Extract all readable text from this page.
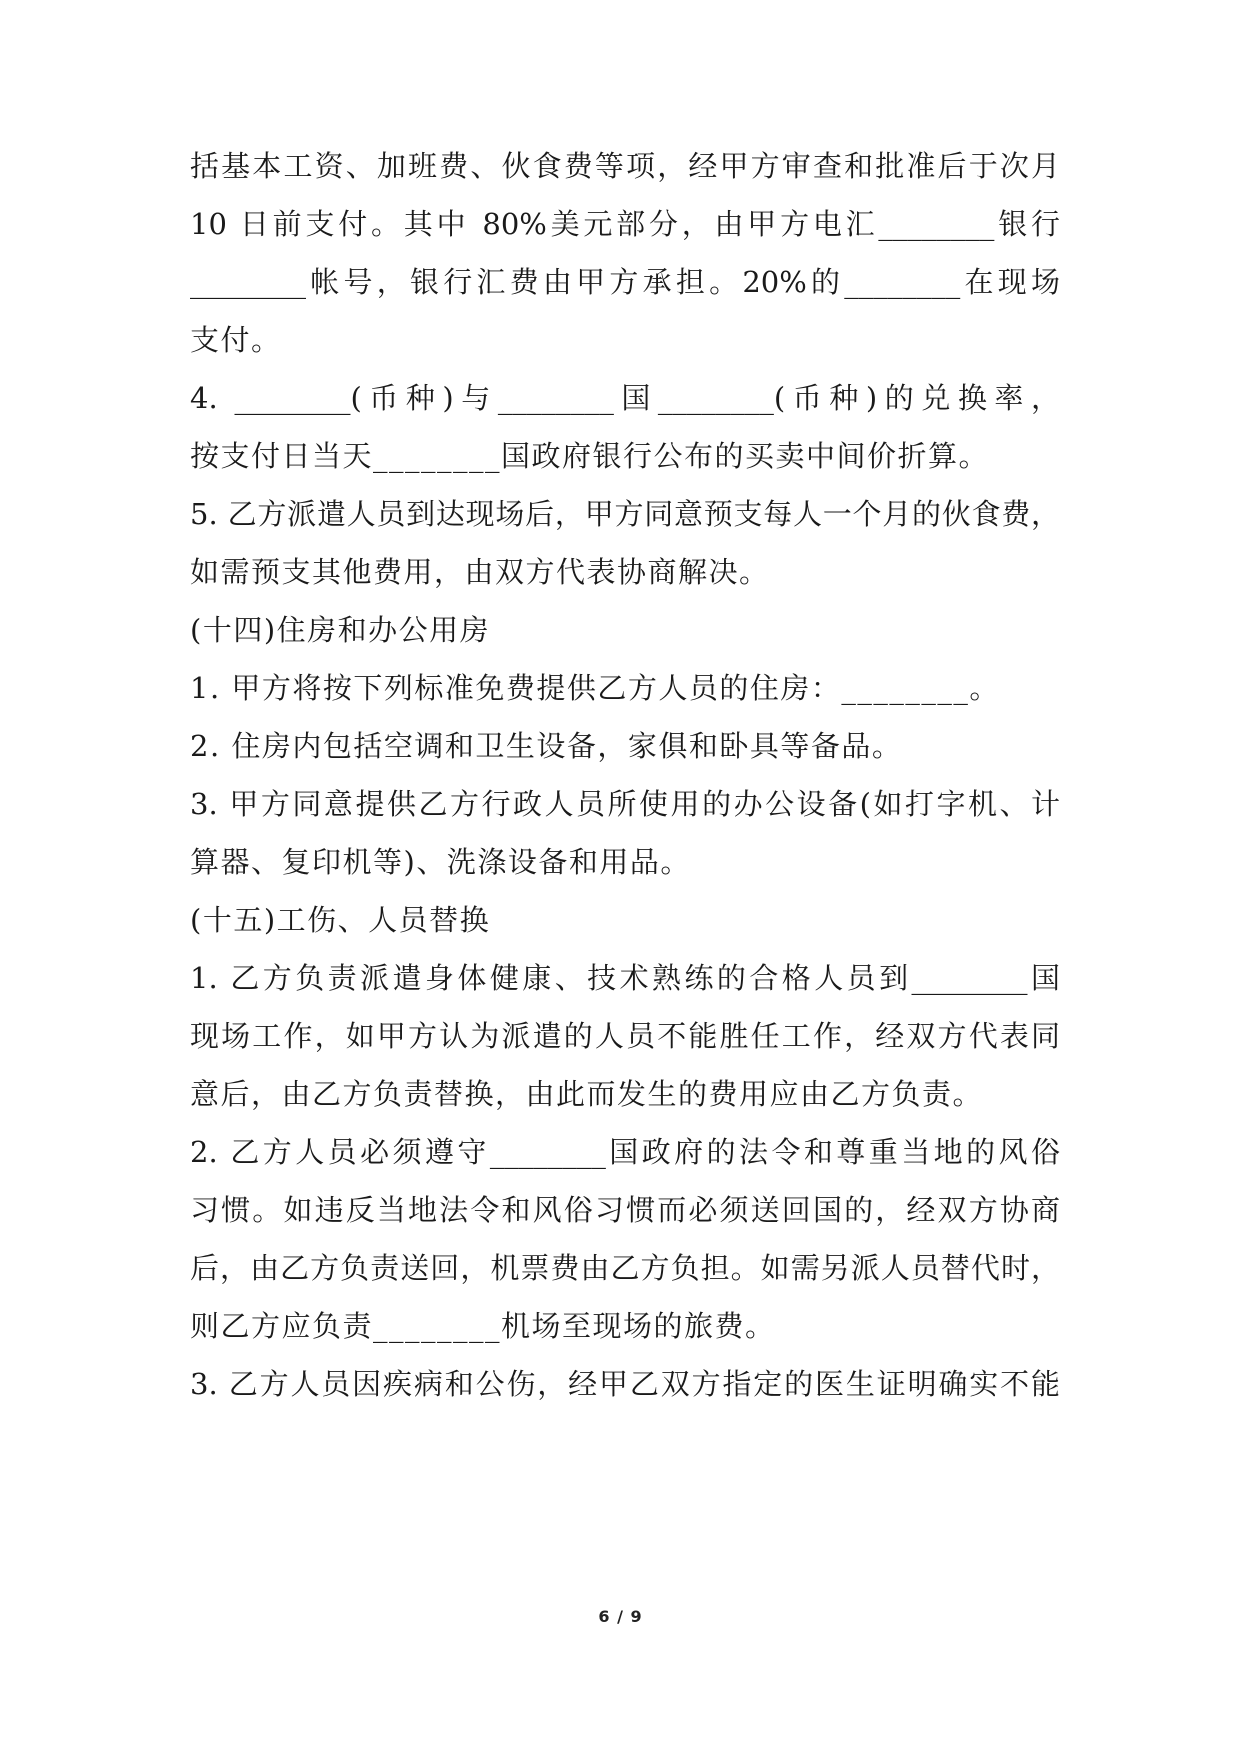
括基本工资、加班费、伙食费等项，经甲方审查和批准后于次月
10 日前支付。其中 80%美元部分，由甲方电汇________银行
________帐号，银行汇费由甲方承担。20%的________在现场
支付。
4. ________(币种)与________国________(币种)的兑换率，
按支付日当天________国政府银行公布的买卖中间价折算。
5. 乙方派遣人员到达现场后，甲方同意预支每人一个月的伙食费，
如需预支其他费用，由双方代表协商解决。
(十四)住房和办公用房
1. 甲方将按下列标准免费提供乙方人员的住房：________。
2. 住房内包括空调和卫生设备，家俱和卧具等备品。
3. 甲方同意提供乙方行政人员所使用的办公设备(如打字机、计
算器、复印机等)、洗涤设备和用品。
(十五)工伤、人员替换
1. 乙方负责派遣身体健康、技术熟练的合格人员到________国
现场工作，如甲方认为派遣的人员不能胜任工作，经双方代表同
意后，由乙方负责替换，由此而发生的费用应由乙方负责。
2. 乙方人员必须遵守________国政府的法令和尊重当地的风俗
习惯。如违反当地法令和风俗习惯而必须送回国的，经双方协商
后，由乙方负责送回，机票费由乙方负担。如需另派人员替代时，
则乙方应负责________机场至现场的旅费。
3. 乙方人员因疾病和公伤，经甲乙双方指定的医生证明确实不能
6 / 9
